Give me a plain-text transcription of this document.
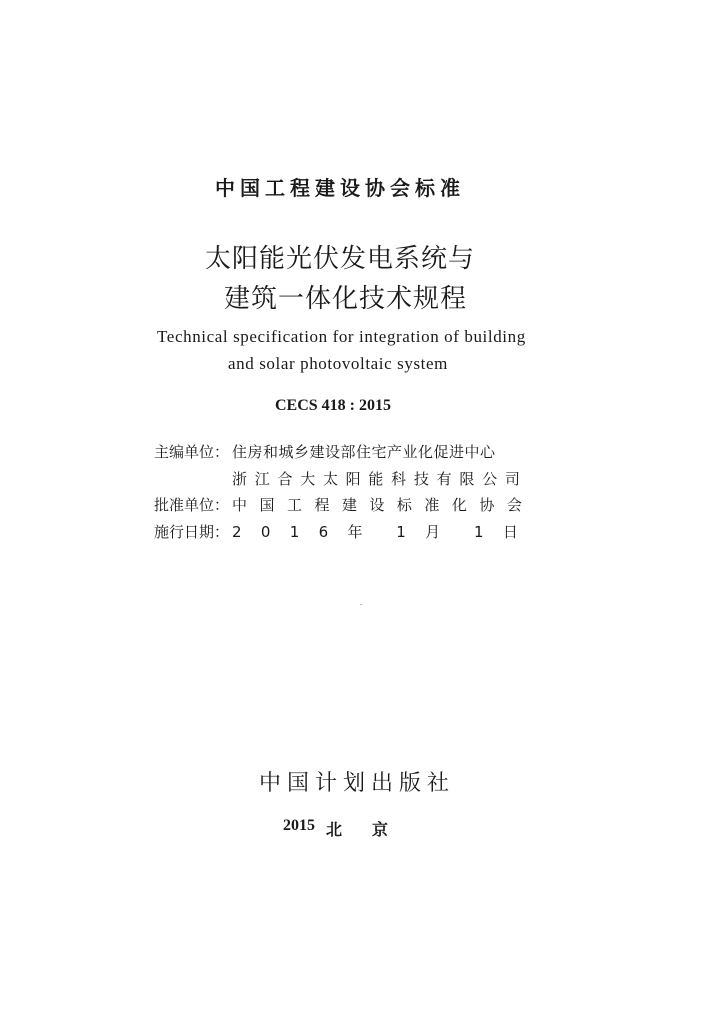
中国工程建设协会标准
太阳能光伏发电系统与
建筑一体化技术规程
Technical specification for integration of building
and solar photovoltaic system
CECS 418 : 2015
主编单位： 住房和城乡建设部住宅产业化促进中心
浙 江 合 大 太 阳 能 科 技 有 限 公 司
批准单位： 中 国 工 程 建 设 标 准 化 协 会
施行日期： 2 0 1 6 年 1 月 1 日
中国计划出版社
2015 北京
